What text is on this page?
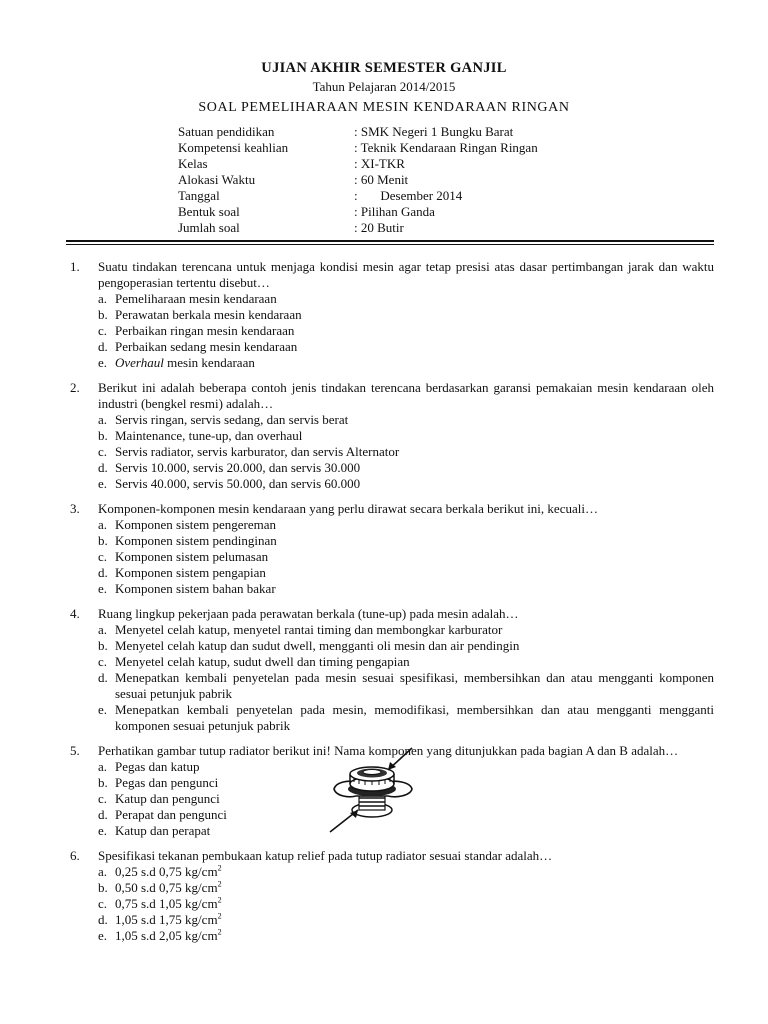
UJIAN AKHIR SEMESTER GANJIL
Tahun Pelajaran 2014/2015
SOAL PEMELIHARAAN MESIN KENDARAAN RINGAN
Satuan pendidikan	: SMK Negeri 1 Bungku Barat
Kompetensi keahlian	: Teknik Kendaraan Ringan Ringan
Kelas	: XI-TKR
Alokasi Waktu	: 60 Menit
Tanggal	:       Desember 2014
Bentuk soal	: Pilihan Ganda
Jumlah soal	: 20 Butir
1. Suatu tindakan terencana untuk menjaga kondisi mesin agar tetap presisi atas dasar pertimbangan jarak dan waktu pengoperasian tertentu disebut…
a. Pemeliharaan mesin kendaraan
b. Perawatan berkala mesin kendaraan
c. Perbaikan ringan mesin kendaraan
d. Perbaikan sedang mesin kendaraan
e. Overhaul mesin kendaraan
2. Berikut ini adalah beberapa contoh jenis tindakan terencana berdasarkan garansi pemakaian mesin kendaraan oleh industri (bengkel resmi) adalah…
a. Servis ringan, servis sedang, dan servis berat
b. Maintenance, tune-up, dan overhaul
c. Servis radiator, servis karburator, dan servis Alternator
d. Servis 10.000, servis 20.000, dan servis 30.000
e. Servis 40.000, servis 50.000, dan servis 60.000
3. Komponen-komponen mesin kendaraan yang perlu dirawat secara berkala berikut ini, kecuali…
a. Komponen sistem pengereman
b. Komponen sistem pendinginan
c. Komponen sistem pelumasan
d. Komponen sistem pengapian
e. Komponen sistem bahan bakar
4. Ruang lingkup pekerjaan pada perawatan berkala (tune-up) pada mesin adalah…
a. Menyetel celah katup, menyetel rantai timing dan membongkar karburator
b. Menyetel celah katup dan sudut dwell, mengganti oli mesin dan air pendingin
c. Menyetel celah katup, sudut dwell dan timing pengapian
d. Menepatkan kembali penyetelan pada mesin sesuai spesifikasi, membersihkan dan atau mengganti komponen sesuai petunjuk pabrik
e. Menepatkan kembali penyetelan pada mesin, memodifikasi, membersihkan dan atau mengganti mengganti komponen sesuai petunjuk pabrik
5. Perhatikan gambar tutup radiator berikut ini! Nama komponen yang ditunjukkan pada bagian A dan B adalah…
a. Pegas dan katup
b. Pegas dan pengunci
c. Katup dan pengunci
d. Perapat dan pengunci
e. Katup dan perapat
6. Spesifikasi tekanan pembukaan katup relief pada tutup radiator sesuai standar adalah…
a. 0,25 s.d 0,75 $kg/cm^2$
b. 0,50 s.d 0,75 $kg/cm^2$
c. 0,75 s.d 1,05 $kg/cm^2$
d. 1,05 s.d 1,75 $kg/cm^2$
e. 1,05 s.d 2,05 $kg/cm^2$
